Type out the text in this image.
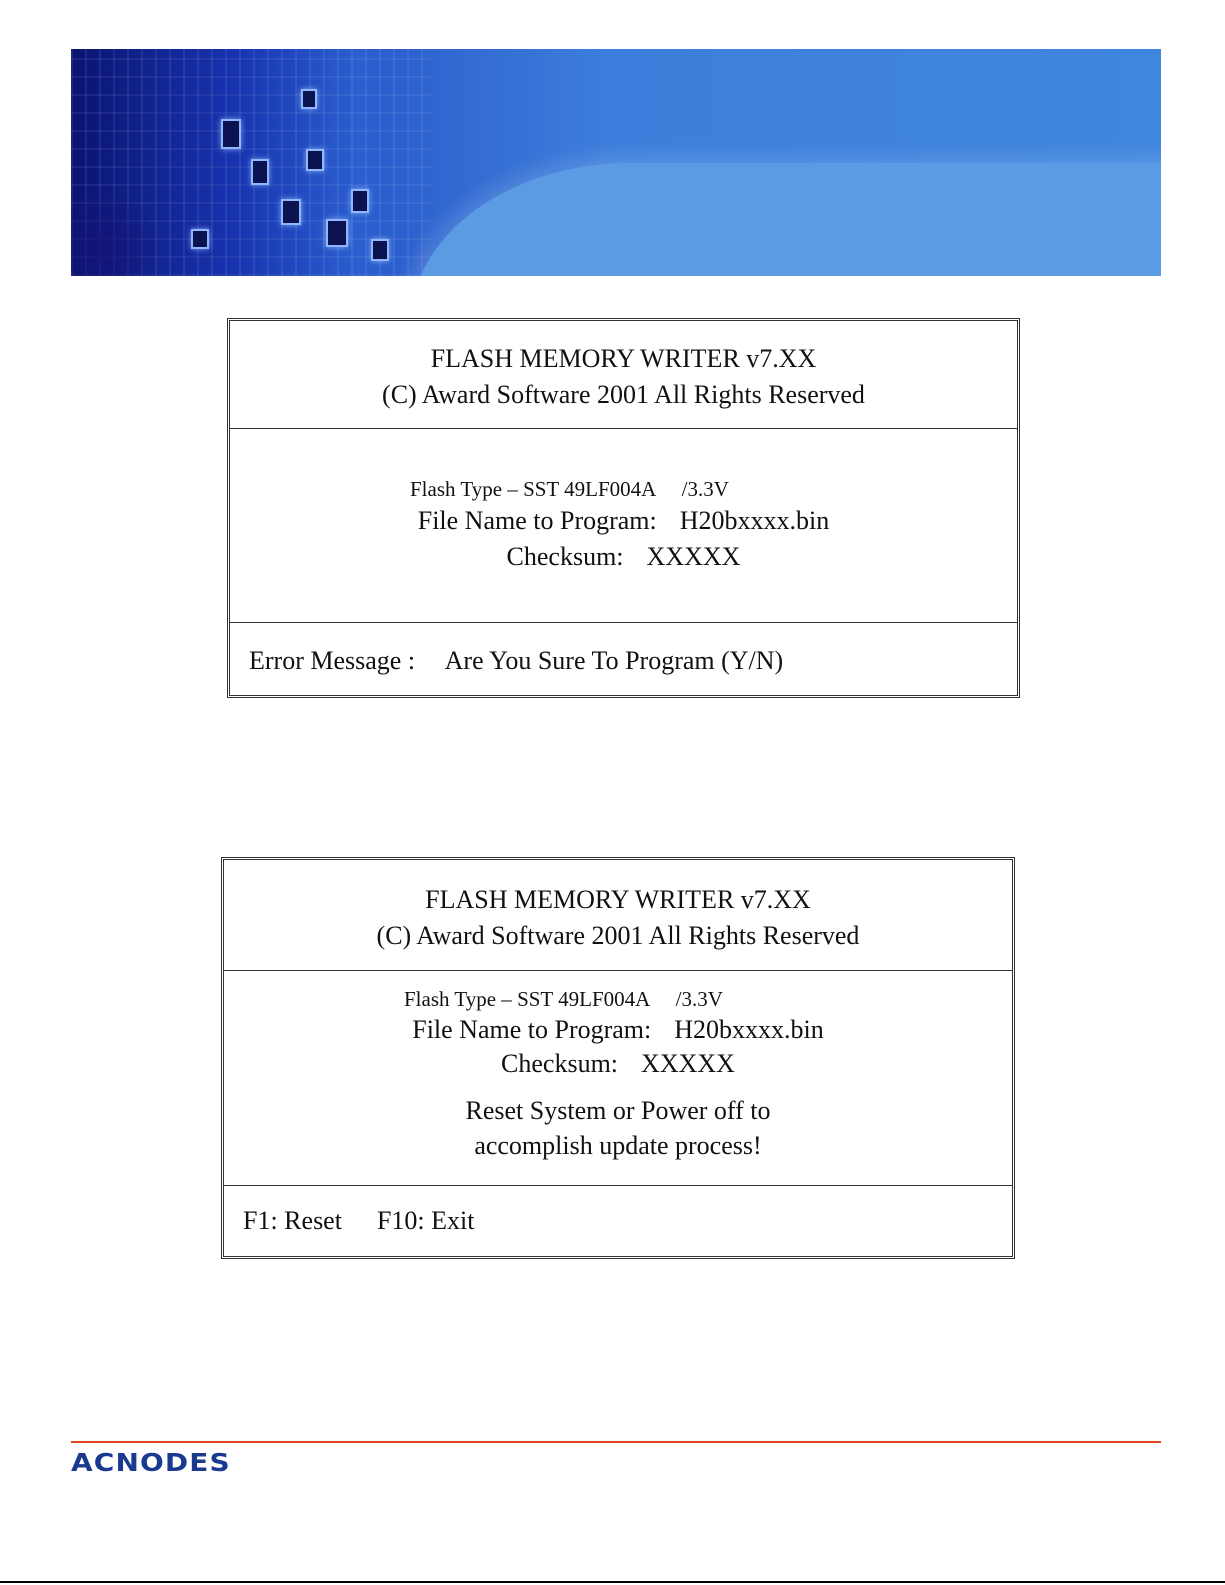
FLASH MEMORY WRITER v7.XX
(C) Award Software 2001 All Rights Reserved
Flash Type – SST 49LF004A /3.3V
File Name to Program: H20bxxxx.bin
Checksum: XXXXX
Error Message : Are You Sure To Program (Y/N)
FLASH MEMORY WRITER v7.XX
(C) Award Software 2001 All Rights Reserved
Flash Type – SST 49LF004A /3.3V
File Name to Program: H20bxxxx.bin
Checksum: XXXXX
Reset System or Power off to
accomplish update process!
F1: Reset F10: Exit
ACNODES
